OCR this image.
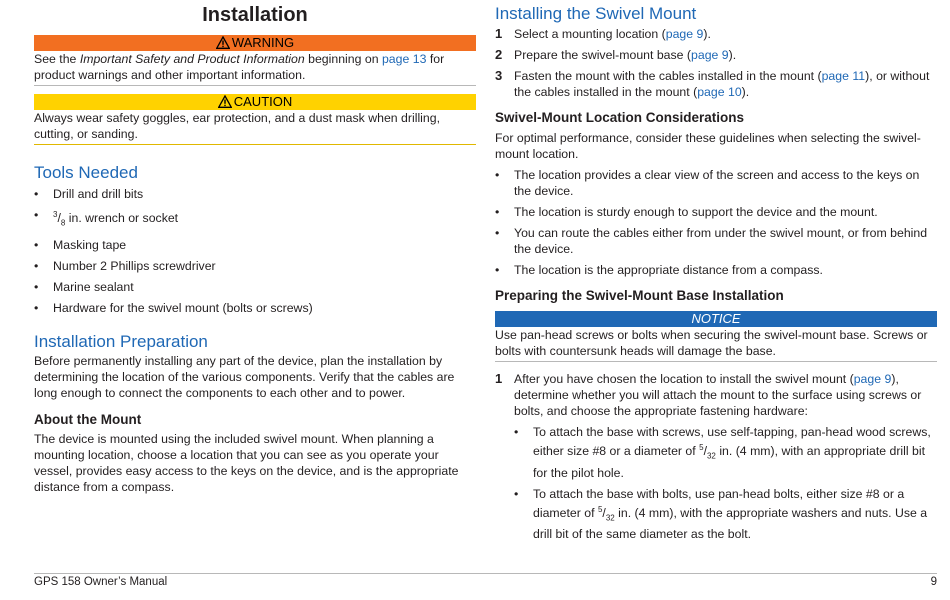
Installation
WARNING

See the Important Safety and Product Information beginning on page 13 for product warnings and other important information.

CAUTION

Always wear safety goggles, ear protection, and a dust mask when drilling, cutting, or sanding.

Tools Needed
• Drill and drill bits
• $^3/_8$ in. wrench or socket
• Masking tape
• Number 2 Phillips screwdriver
• Marine sealant
• Hardware for the swivel mount (bolts or screws)
Installation Preparation

Before permanently installing any part of the device, plan the installation by determining the location of the various components. Verify that the cables are long enough to connect the components to each other and to power.

About the Mount

The device is mounted using the included swivel mount. When planning a mounting location, choose a location that you can see as you operate your vessel, provides easy access to the keys on the device, and is the appropriate distance from a compass.

Installing the Swivel Mount
1 Select a mounting location (page 9).
2 Prepare the swivel-mount base (page 9).
3 Fasten the mount with the cables installed in the mount (page 11), or without the cables installed in the mount (page 10).
Swivel-Mount Location Considerations

For optimal performance, consider these guidelines when selecting the swivel-mount location.

• The location provides a clear view of the screen and access to the keys on the device.
• The location is sturdy enough to support the device and the mount.
• You can route the cables either from under the swivel mount, or from behind the device.
• The location is the appropriate distance from a compass.
Preparing the Swivel-Mount Base Installation
NOTICE

Use pan-head screws or bolts when securing the swivel-mount base. Screws or bolts with countersunk heads will damage the base.

1 After you have chosen the location to install the swivel mount (page 9), determine whether you will attach the mount to the surface using screws or bolts, and choose the appropriate fastening hardware:
• To attach the base with screws, use self-tapping, pan-head wood screws, either size #8 or a diameter of $^5/_{32}$ in. (4 mm), with an appropriate drill bit for the pilot hole.
• To attach the base with bolts, use pan-head bolts, either size #8 or a diameter of $^5/_{32}$ in. (4 mm), with the appropriate washers and nuts. Use a drill bit of the same diameter as the bolt.
GPS 158 Owner’s Manual	9
